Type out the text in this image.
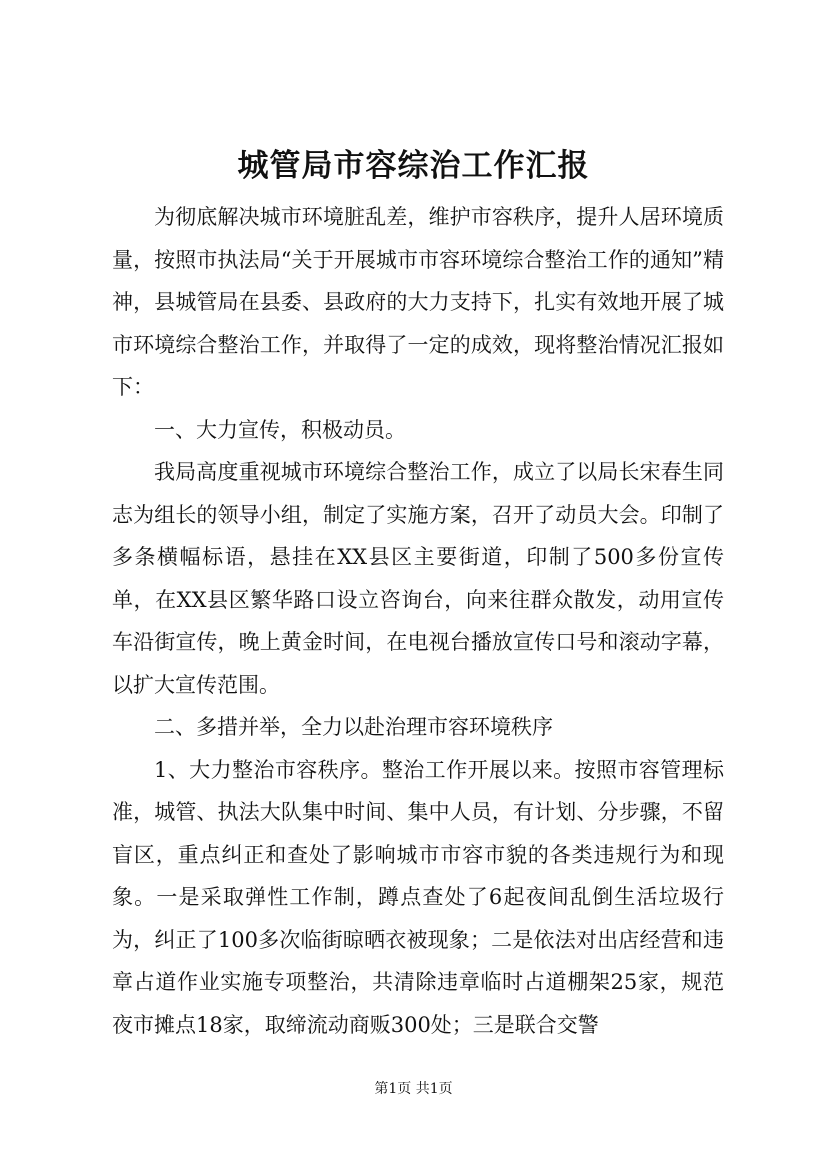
城管局市容综治工作汇报

为彻底解决城市环境脏乱差，维护市容秩序，提升人居环境质量，按照市执法局“关于开展城市市容环境综合整治工作的通知”精神，县城管局在县委、县政府的大力支持下，扎实有效地开展了城市环境综合整治工作，并取得了一定的成效，现将整治情况汇报如下：

一、大力宣传，积极动员。

我局高度重视城市环境综合整治工作，成立了以局长宋春生同志为组长的领导小组，制定了实施方案，召开了动员大会。印制了多条横幅标语，悬挂在XX县区主要街道，印制了500多份宣传单，在XX县区繁华路口设立咨询台，向来往群众散发，动用宣传车沿街宣传，晚上黄金时间，在电视台播放宣传口号和滚动字幕，以扩大宣传范围。

二、多措并举，全力以赴治理市容环境秩序

1、大力整治市容秩序。整治工作开展以来。按照市容管理标准，城管、执法大队集中时间、集中人员，有计划、分步骤，不留盲区，重点纠正和查处了影响城市市容市貌的各类违规行为和现象。一是采取弹性工作制，蹲点查处了6起夜间乱倒生活垃圾行为，纠正了100多次临街晾晒衣被现象；二是依法对出店经营和违章占道作业实施专项整治，共清除违章临时占道棚架25家，规范夜市摊点18家，取缔流动商贩300处；三是联合交警

第1页 共1页
